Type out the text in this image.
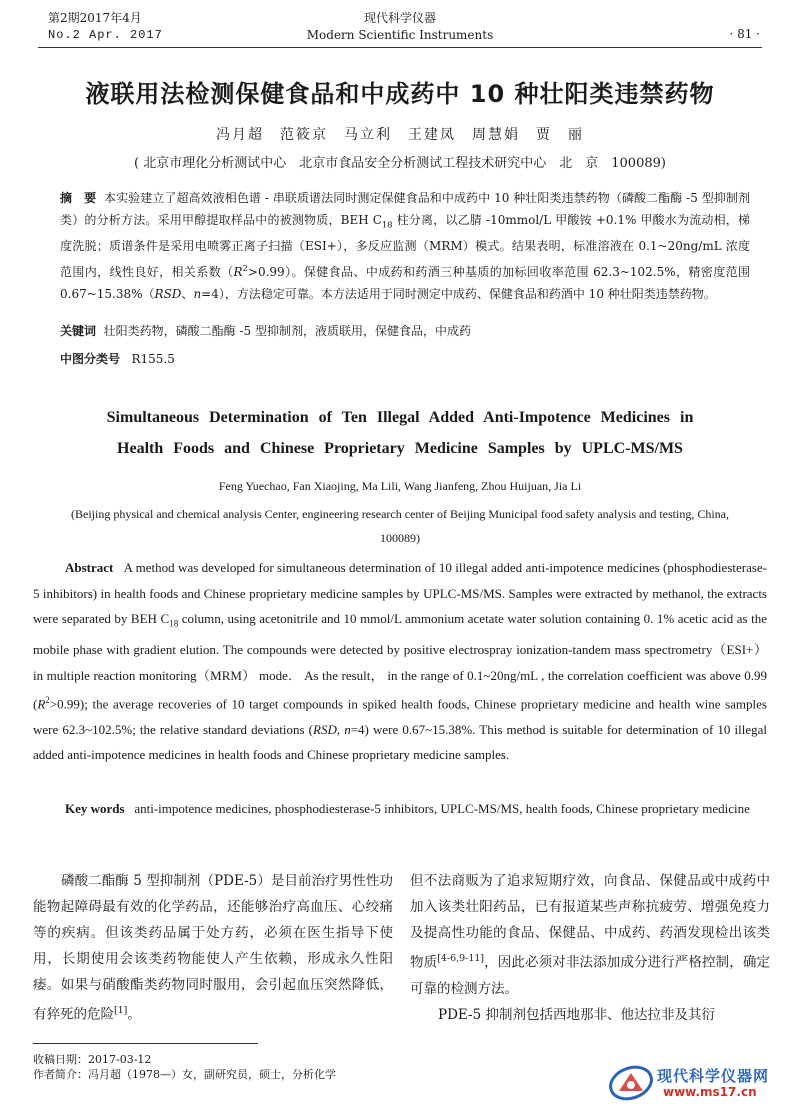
第2期2017年4月
No.2 Apr. 2017
现代科学仪器
Modern Scientific Instruments	· 81 ·
液联用法检测保健食品和中成药中 10 种壮阳类违禁药物
冯月超　范筱京　马立利　王建凤　周慧娟　贾　丽
( 北京市理化分析测试中心　北京市食品安全分析测试工程技术研究中心　北　京　100089)
摘　要 本实验建立了超高效液相色谱 - 串联质谱法同时测定保健食品和中成药中 10 种壮阳类违禁药物（磷酸二酯酶 -5 型抑制剂类）的分析方法。采用甲醇提取样品中的被测物质，BEH $C_{18}$ 柱分离，以乙腈 -10mmol/L 甲酸铵 +0.1% 甲酸水为流动相，梯度洗脱；质谱条件是采用电喷雾正离子扫描（ESI+），多反应监测（MRM）模式。结果表明，标准溶液在 0.1~20ng/mL 浓度范围内，线性良好，相关系数$(R^2>0.99)$。保健食品、中成药和药酒三种基质的加标回收率范围 62.3~102.5%，精密度范围 0.67~15.38%（RSD、n=4），方法稳定可靠。本方法适用于同时测定中成药、保健食品和药酒中 10 种壮阳类违禁药物。
关键词 壮阳类药物，磷酸二酯酶 -5 型抑制剂，液质联用，保健食品，中成药
中图分类号 R155.5
Simultaneous Determination of Ten Illegal Added Anti-Impotence Medicines in
Health Foods and Chinese Proprietary Medicine Samples by UPLC-MS/MS
Feng Yuechao, Fan Xiaojing, Ma Lili, Wang Jianfeng, Zhou Huijuan, Jia Li
(Beijing physical and chemical analysis Center, engineering research center of Beijing Municipal food safety analysis and testing, China, 100089)
Abstract A method was developed for simultaneous determination of 10 illegal added anti-impotence medicines (phosphodiesterase-5 inhibitors) in health foods and Chinese proprietary medicine samples by UPLC-MS/MS. Samples were extracted by methanol, the extracts were separated by BEH $C_{18}$ column, using acetonitrile and 10 mmol/L ammonium acetate water solution containing 0. 1% acetic acid as the mobile phase with gradient elution. The compounds were detected by positive electrospray ionization-tandem mass spectrometry（ESI+） in multiple reaction monitoring（MRM） mode． As the result， in the range of 0.1~20ng/mL , the correlation coefficient was above 0.99 $(R^2>0.99)$; the average recoveries of 10 target compounds in spiked health foods, Chinese proprietary medicine and health wine samples were 62.3~102.5%; the relative standard deviations (RSD, n=4) were 0.67~15.38%. This method is suitable for determination of 10 illegal added anti-impotence medicines in health foods and Chinese proprietary medicine samples.
Key words anti-impotence medicines, phosphodiesterase-5 inhibitors, UPLC-MS/MS, health foods, Chinese proprietary medicine
磷酸二酯酶 5 型抑制剂（PDE-5）是目前治疗男性性功能物起障碍最有效的化学药品，还能够治疗高血压、心绞痛等的疾病。但该类药品属于处方药，必须在医生指导下使用，长期使用会该类药物能使人产生依赖，形成永久性阳痿。如果与硝酸酯类药物同时服用，会引起血压突然降低，有猝死的危险[1]。

但不法商贩为了追求短期疗效，向食品、保健品或中成药中加入该类壮阳药品，已有报道某些声称抗疲劳、增强免疫力及提高性功能的食品、保健品、中成药、药酒发现检出该类物质[4-6,9-11]，因此必须对非法添加成分进行严格控制，确定可靠的检测方法。

PDE-5 抑制剂包括西地那非、他达拉非及其衍

收稿日期：2017-03-12
作者简介：冯月超（1978—）女，副研究员，硕士，分析化学	现代科学仪器网
www.ms17.cn
